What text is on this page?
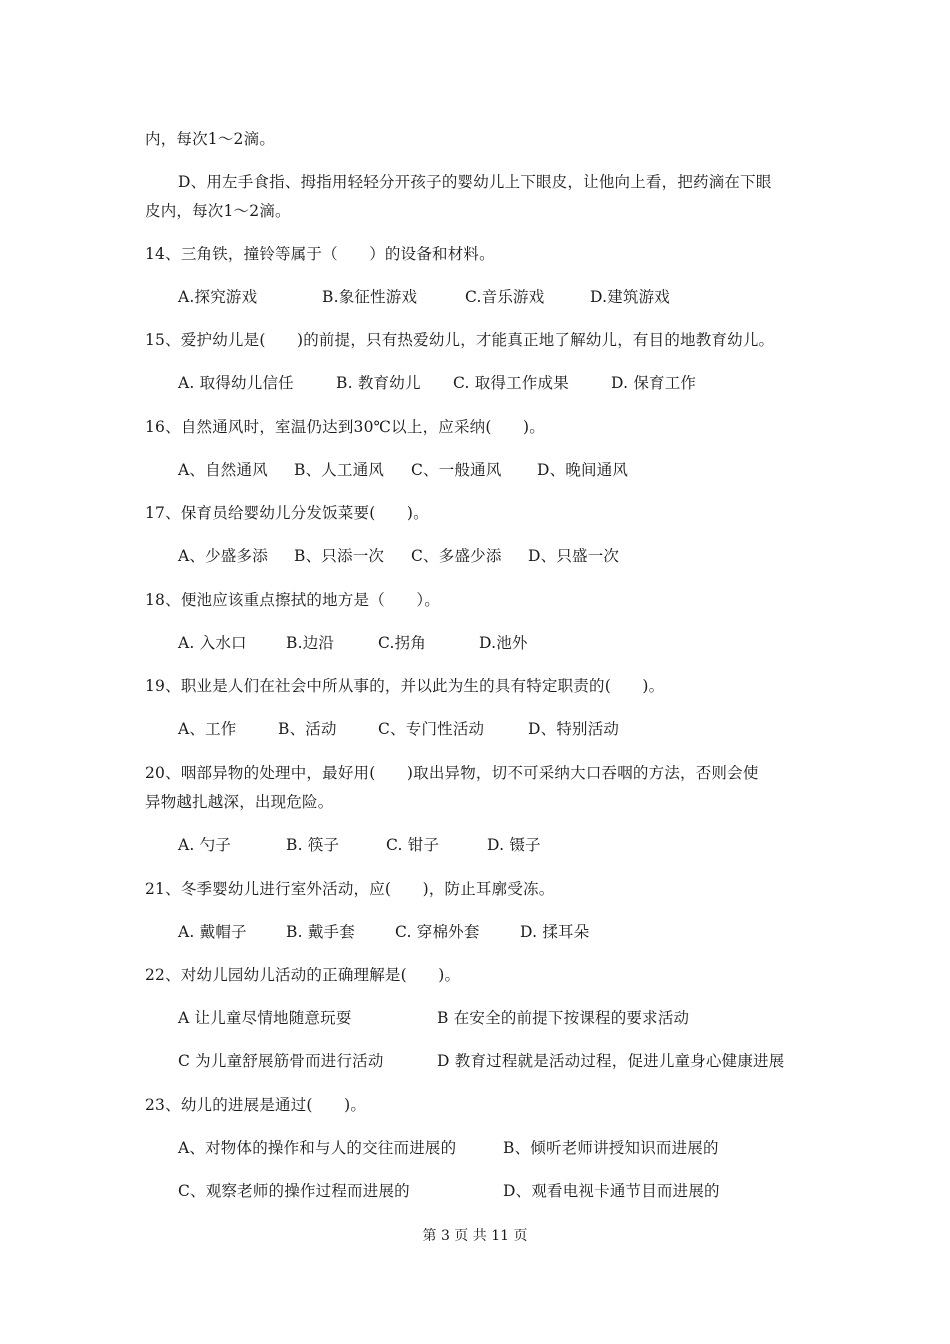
内，每次1～2滴。
D、用左手食指、拇指用轻轻分开孩子的婴幼儿上下眼皮，让他向上看，把药滴在下眼
皮内，每次1～2滴。
14、三角铁，撞铃等属于（　　）的设备和材料。
A.探究游戏	B.象征性游戏	C.音乐游戏	D.建筑游戏
15、爱护幼儿是(　　)的前提，只有热爱幼儿，才能真正地了解幼儿，有目的地教育幼儿。
A. 取得幼儿信任	B. 教育幼儿 C. 取得工作成果	D. 保育工作
16、自然通风时，室温仍达到30℃以上，应采纳(　　)。
A、自然通风 B、人工通风 C、一般通风 D、晚间通风
17、保育员给婴幼儿分发饭菜要(　　)。
A、少盛多添 B、只添一次 C、多盛少添 D、只盛一次
18、便池应该重点擦拭的地方是（　　）。
A. 入水口	B.边沿	C.拐角	D.池外
19、职业是人们在社会中所从事的，并以此为生的具有特定职责的(　　)。
A、工作	B、活动	C、专门性活动	D、特别活动
20、咽部异物的处理中，最好用(　　)取出异物，切不可采纳大口吞咽的方法，否则会使
异物越扎越深，出现危险。
A. 勺子	B. 筷子	C. 钳子	D. 镊子
21、冬季婴幼儿进行室外活动，应(　　)，防止耳廓受冻。
A. 戴帽子	B. 戴手套	C. 穿棉外套	D. 揉耳朵
22、对幼儿园幼儿活动的正确理解是(　　)。
A 让儿童尽情地随意玩耍	B 在安全的前提下按课程的要求活动
C 为儿童舒展筋骨而进行活动	D 教育过程就是活动过程，促进儿童身心健康进展
23、幼儿的进展是通过(　　)。
A、对物体的操作和与人的交往而进展的	B、倾听老师讲授知识而进展的
C、观察老师的操作过程而进展的	D、观看电视卡通节目而进展的
第 3 页 共 11 页
